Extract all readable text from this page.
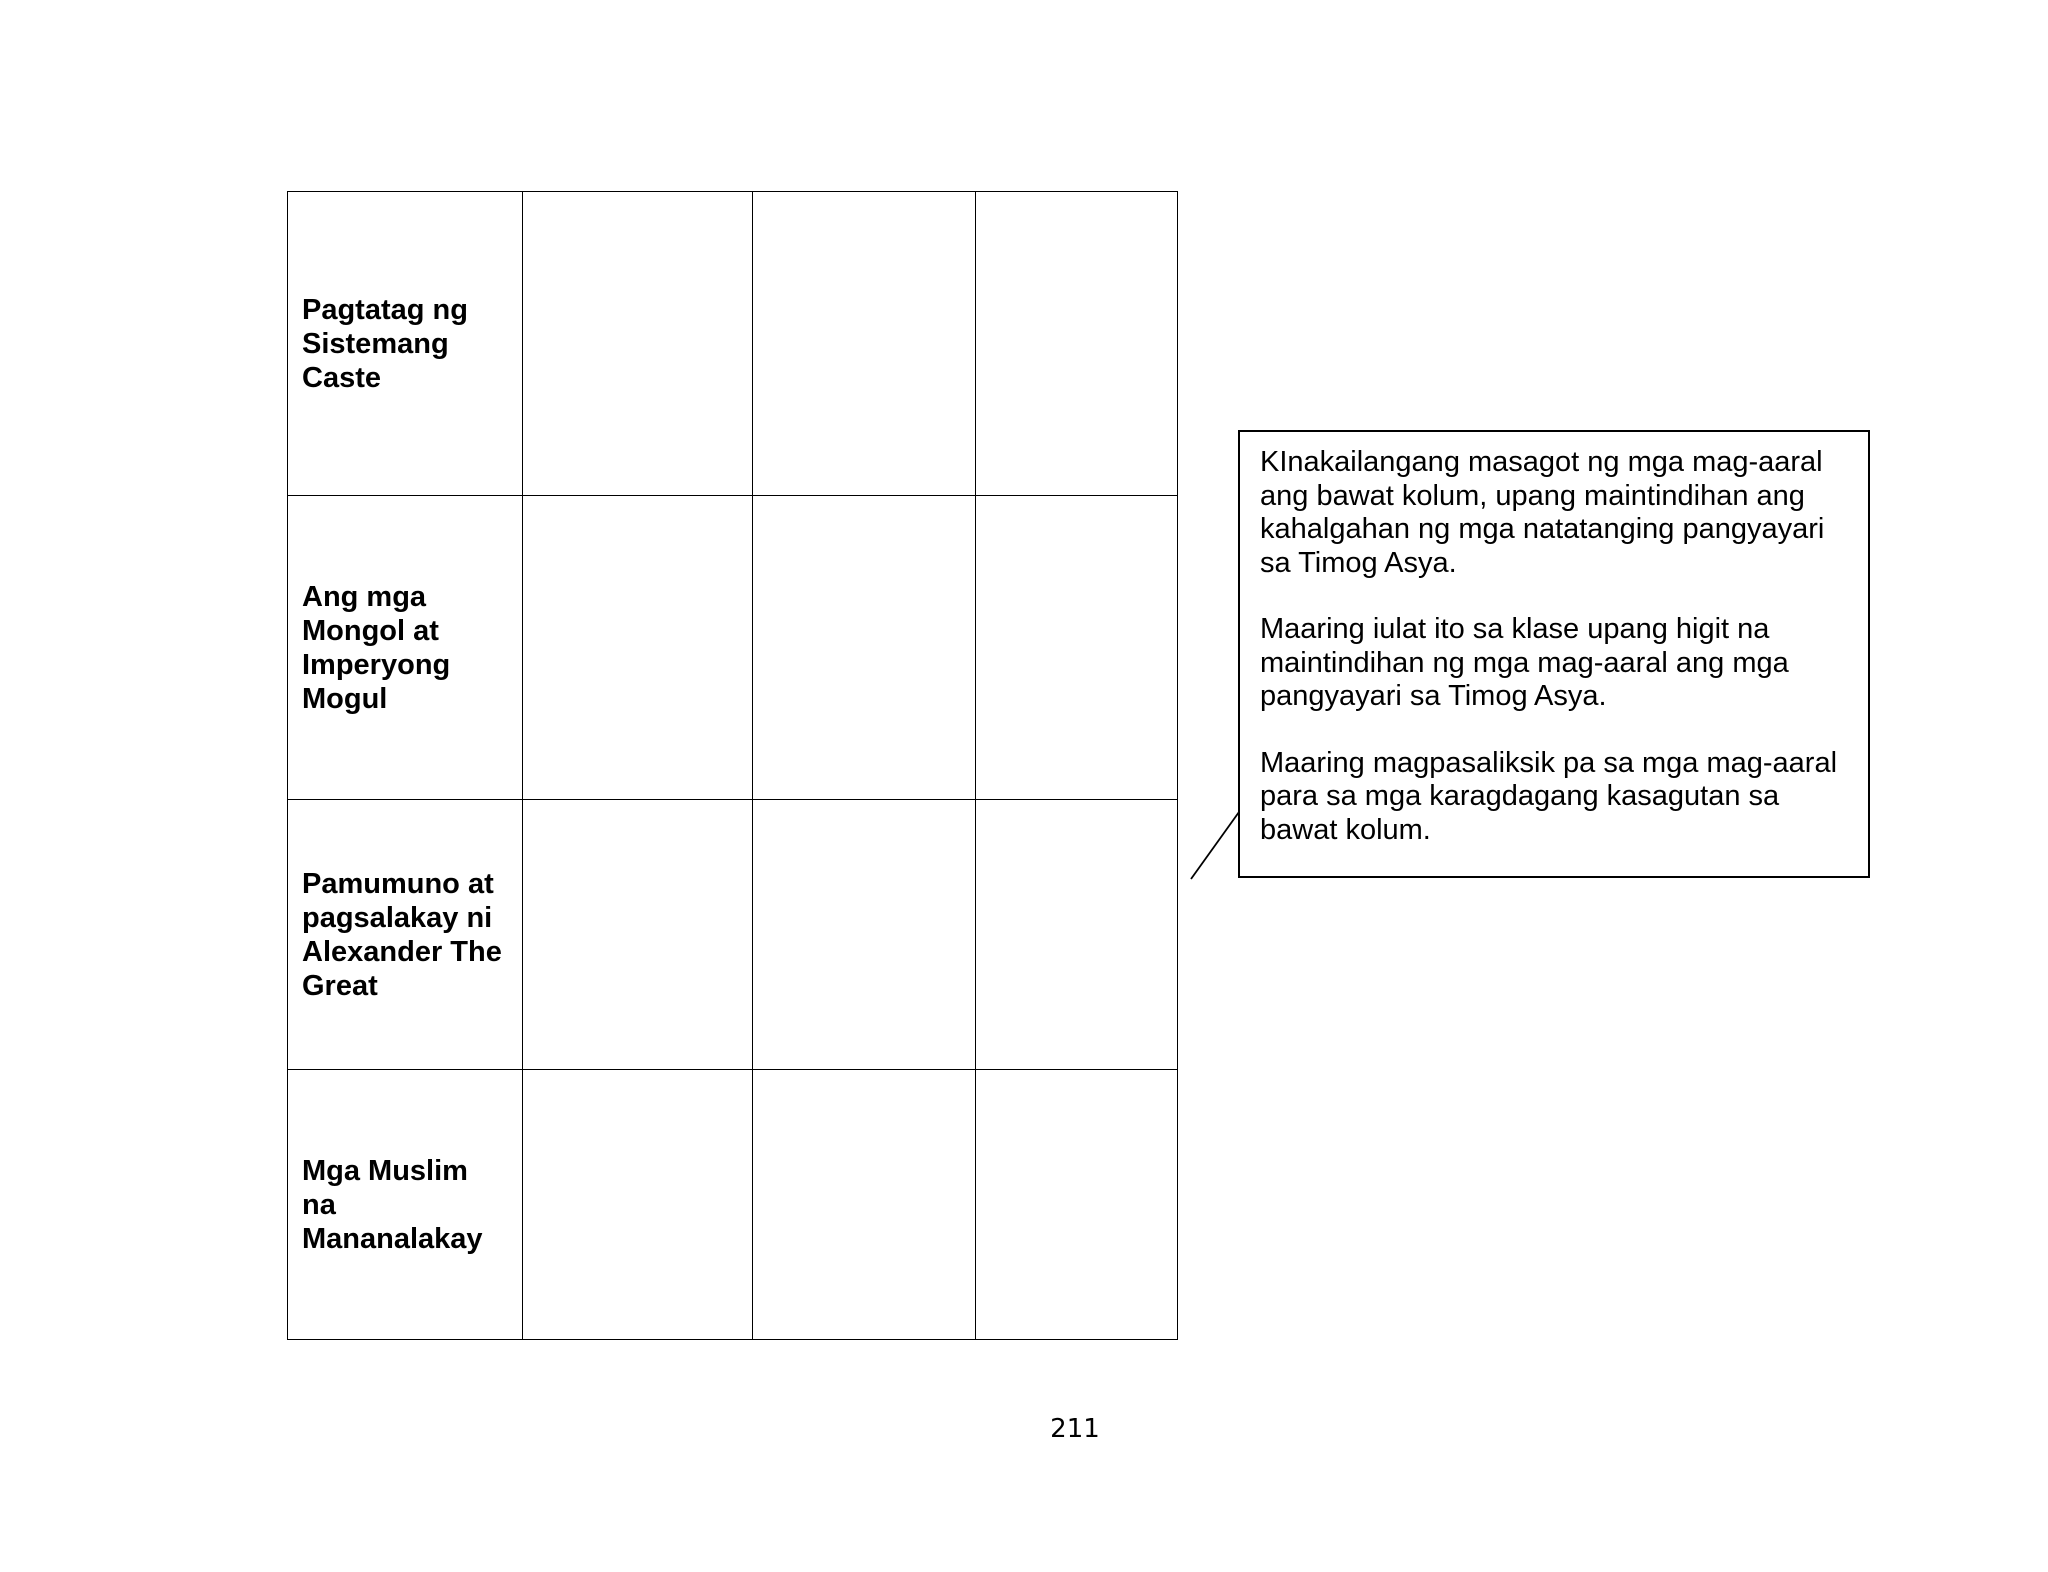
Pagtatag ng
Sistemang
Caste			

Ang mga
Mongol at
Imperyong
Mogul			

Pamumuno at
pagsalakay ni
Alexander The
Great			

Mga Muslim
na
Mananalakay			

KInakailangang masagot ng mga mag-aaral ang bawat kolum, upang maintindihan ang kahalgahan ng mga natatanging pangyayari sa Timog Asya.

Maaring iulat ito sa klase upang higit na maintindihan ng mga mag-aaral ang mga pangyayari sa Timog Asya.

Maaring magpasaliksik pa sa mga mag-aaral para sa mga karagdagang kasagutan sa bawat kolum.

211
